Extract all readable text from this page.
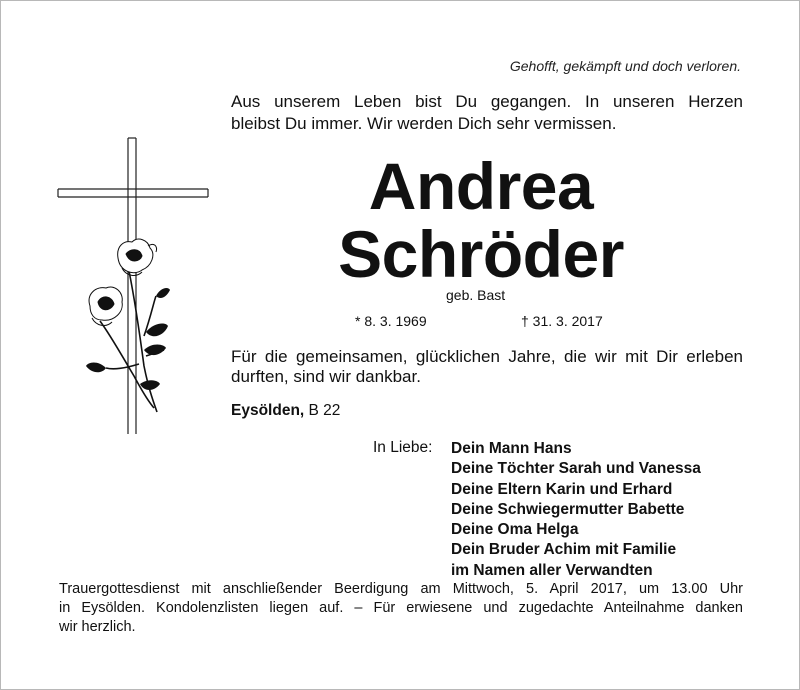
Gehofft, gekämpft und doch verloren.
Aus unserem Leben bist Du gegangen. In unseren Herzen
bleibst Du immer. Wir werden Dich sehr vermissen.
Andrea
Schröder
geb. Bast
* 8. 3. 1969	† 31. 3. 2017
Für die gemeinsamen, glücklichen Jahre, die wir mit Dir erleben
durften, sind wir dankbar.
Eysölden, B 22
In Liebe: Dein Mann Hans
Deine Töchter Sarah und Vanessa
Deine Eltern Karin und Erhard
Deine Schwiegermutter Babette
Deine Oma Helga
Dein Bruder Achim mit Familie
im Namen aller Verwandten
Trauergottesdienst mit anschließender Beerdigung am Mittwoch, 5. April 2017, um 13.00 Uhr
in Eysölden. Kondolenzlisten liegen auf. – Für erwiesene und zugedachte Anteilnahme danken
wir herzlich.
